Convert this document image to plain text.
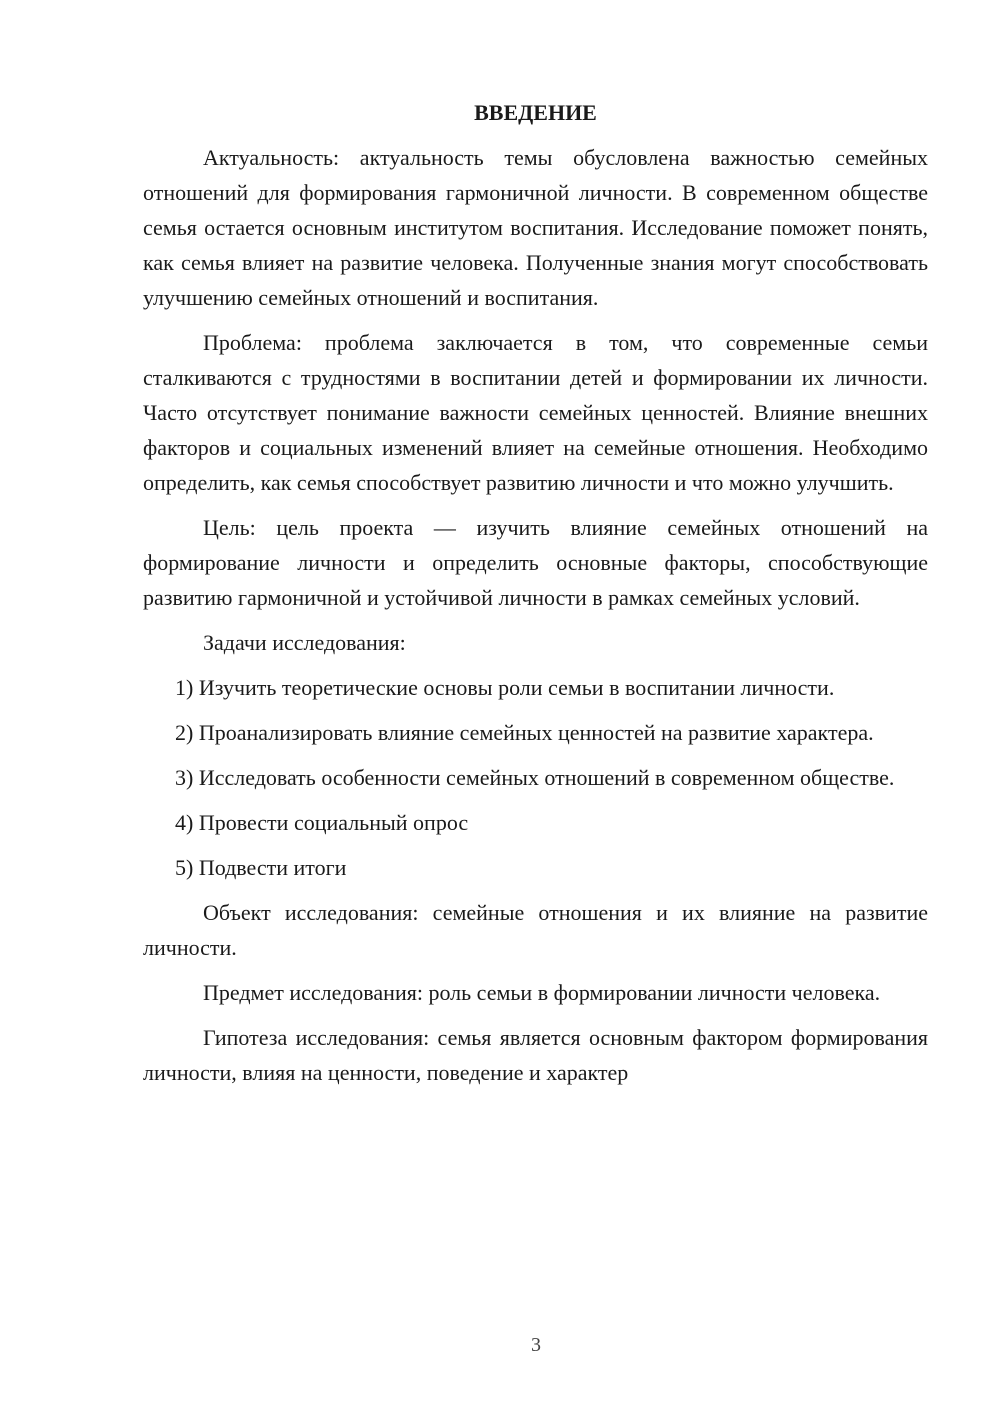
ВВЕДЕНИЕ

Актуальность: актуальность темы обусловлена важностью семейных отношений для формирования гармоничной личности. В современном обществе семья остается основным институтом воспитания. Исследование поможет понять, как семья влияет на развитие человека. Полученные знания могут способствовать улучшению семейных отношений и воспитания.

Проблема: проблема заключается в том, что современные семьи сталкиваются с трудностями в воспитании детей и формировании их личности. Часто отсутствует понимание важности семейных ценностей. Влияние внешних факторов и социальных изменений влияет на семейные отношения. Необходимо определить, как семья способствует развитию личности и что можно улучшить.

Цель: цель проекта — изучить влияние семейных отношений на формирование личности и определить основные факторы, способствующие развитию гармоничной и устойчивой личности в рамках семейных условий.

Задачи исследования:

1) Изучить теоретические основы роли семьи в воспитании личности.

2) Проанализировать влияние семейных ценностей на развитие характера.

3) Исследовать особенности семейных отношений в современном обществе.

4) Провести социальный опрос

5) Подвести итоги

Объект исследования: семейные отношения и их влияние на развитие личности.

Предмет исследования: роль семьи в формировании личности человека.

Гипотеза исследования: семья является основным фактором формирования личности, влияя на ценности, поведение и характер

3
